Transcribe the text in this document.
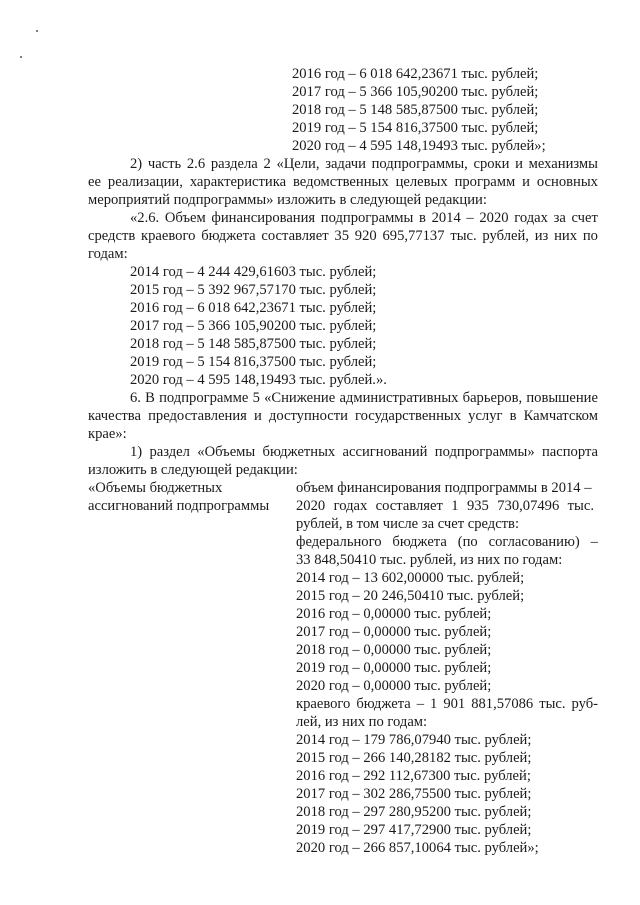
2016 год – 6 018 642,23671 тыс. рублей;
2017 год – 5 366 105,90200 тыс. рублей;
2018 год – 5 148 585,87500 тыс. рублей;
2019 год – 5 154 816,37500 тыс. рублей;
2020 год – 4 595 148,19493 тыс. рублей»;
2) часть 2.6 раздела 2 «Цели, задачи подпрограммы, сроки и механизмы
ее реализации, характеристика ведомственных целевых программ и основных
мероприятий подпрограммы» изложить в следующей редакции:
«2.6. Объем финансирования подпрограммы в 2014 – 2020 годах за счет
средств краевого бюджета составляет 35 920 695,77137 тыс. рублей, из них по
годам:
2014 год – 4 244 429,61603 тыс. рублей;
2015 год – 5 392 967,57170 тыс. рублей;
2016 год – 6 018 642,23671 тыс. рублей;
2017 год – 5 366 105,90200 тыс. рублей;
2018 год – 5 148 585,87500 тыс. рублей;
2019 год – 5 154 816,37500 тыс. рублей;
2020 год – 4 595 148,19493 тыс. рублей.».
6. В подпрограмме 5 «Снижение административных барьеров, повышение
качества предоставления и доступности государственных услуг в Камчатском
крае»:
1) раздел «Объемы бюджетных ассигнований подпрограммы» паспорта
изложить в следующей редакции:
«Объемы бюджетных
ассигнований подпрограммы
объем финансирования подпрограммы в 2014 –
2020 годах составляет 1 935 730,07496 тыс.
рублей, в том числе за счет средств:
федерального бюджета (по согласованию) –
33 848,50410 тыс. рублей, из них по годам:
2014 год – 13 602,00000 тыс. рублей;
2015 год – 20 246,50410 тыс. рублей;
2016 год – 0,00000 тыс. рублей;
2017 год – 0,00000 тыс. рублей;
2018 год – 0,00000 тыс. рублей;
2019 год – 0,00000 тыс. рублей;
2020 год – 0,00000 тыс. рублей;
краевого бюджета – 1 901 881,57086 тыс. руб-
лей, из них по годам:
2014 год – 179 786,07940 тыс. рублей;
2015 год – 266 140,28182 тыс. рублей;
2016 год – 292 112,67300 тыс. рублей;
2017 год – 302 286,75500 тыс. рублей;
2018 год – 297 280,95200 тыс. рублей;
2019 год – 297 417,72900 тыс. рублей;
2020 год – 266 857,10064 тыс. рублей»;
